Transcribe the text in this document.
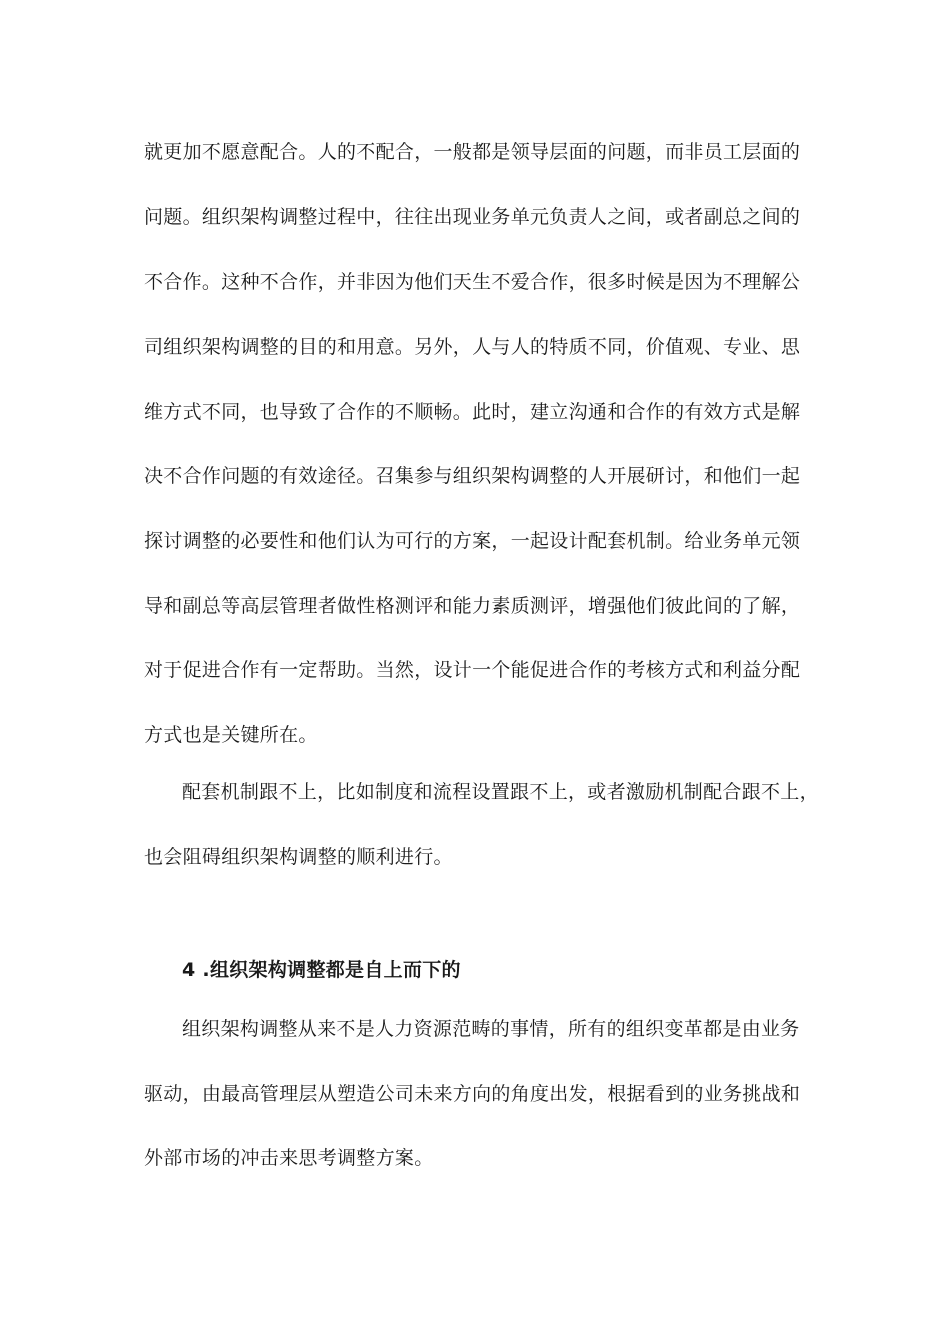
就更加不愿意配合。人的不配合，一般都是领导层面的问题，而非员工层面的
问题。组织架构调整过程中，往往出现业务单元负责人之间，或者副总之间的
不合作。这种不合作，并非因为他们天生不爱合作，很多时候是因为不理解公
司组织架构调整的目的和用意。另外，人与人的特质不同，价值观、专业、思
维方式不同，也导致了合作的不顺畅。此时，建立沟通和合作的有效方式是解
决不合作问题的有效途径。召集参与组织架构调整的人开展研讨，和他们一起
探讨调整的必要性和他们认为可行的方案，一起设计配套机制。给业务单元领
导和副总等高层管理者做性格测评和能力素质测评，增强他们彼此间的了解，
对于促进合作有一定帮助。当然，设计一个能促进合作的考核方式和利益分配
方式也是关键所在。
配套机制跟不上，比如制度和流程设置跟不上，或者激励机制配合跟不上，
也会阻碍组织架构调整的顺利进行。
4 .组织架构调整都是自上而下的
组织架构调整从来不是人力资源范畴的事情，所有的组织变革都是由业务
驱动，由最高管理层从塑造公司未来方向的角度出发，根据看到的业务挑战和
外部市场的冲击来思考调整方案。
